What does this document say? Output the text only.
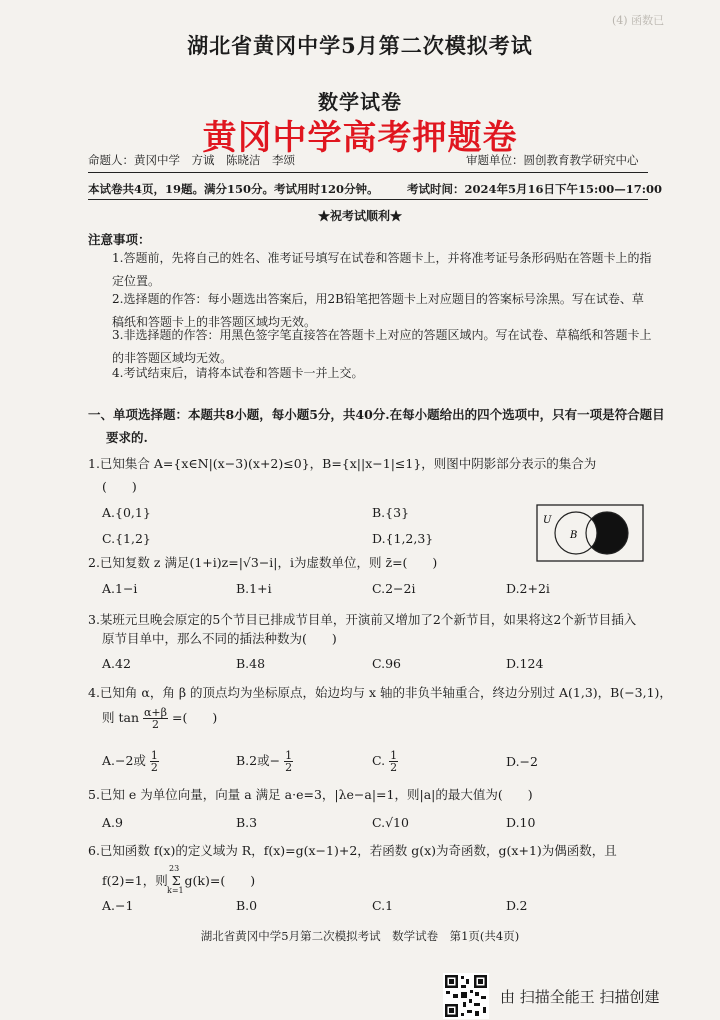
(4) 函数已
湖北省黄冈中学5月第二次模拟考试
数学试卷
黄冈中学高考押题卷
命题人：黄冈中学　方诚　陈晓洁　李颂	审题单位：圆创教育教学研究中心
本试卷共4页，19题。满分150分。考试用时120分钟。 考试时间：2024年5月16日下午15:00—17:00
★祝考试顺利★
注意事项：
1.答题前，先将自己的姓名、准考证号填写在试卷和答题卡上，并将准考证号条形码贴在答题卡上的指定位置。
2.选择题的作答：每小题选出答案后，用2B铅笔把答题卡上对应题目的答案标号涂黑。写在试卷、草稿纸和答题卡上的非答题区域均无效。
3.非选择题的作答：用黑色签字笔直接答在答题卡上对应的答题区域内。写在试卷、草稿纸和答题卡上的非答题区域均无效。
4.考试结束后，请将本试卷和答题卡一并上交。
一、单项选择题：本题共8小题，每小题5分，共40分.在每小题给出的四个选项中，只有一项是符合题目
要求的.
1.已知集合 A={x∈N|(x−3)(x+2)≤0}，B={x||x−1|≤1}，则图中阴影部分表示的集合为
(　　)
A.{0,1}	B.{3}
C.{1,2}	D.{1,2,3}
U
B
2.已知复数 z 满足(1+i)z=|√3−i|，i为虚数单位，则 z̄=(　　)
A.1−i	B.1+i	C.2−2i	D.2+2i
3.某班元旦晚会原定的5个节目已排成节目单，开演前又增加了2个新节目，如果将这2个新节目插入
原节目单中，那么不同的插法种数为(　　)
A.42	B.48	C.96	D.124
4.已知角 α，角 β 的顶点均为坐标原点，始边均与 x 轴的非负半轴重合，终边分别过 A(1,3)，B(−3,1)，
则 $\tan \frac{\alpha+\beta}{2}$ =(　　)
A.−2或 $\frac{1}{2}$	B.2或− $\frac{1}{2}$	C. $\frac{1}{2}$	D.−2
5.已知 e 为单位向量，向量 a 满足 a·e=3，|λe−a|=1，则|a|的最大值为(　　)
A.9	B.3	C.√10	D.10
6.已知函数 f(x)的定义域为 R，f(x)=g(x−1)+2，若函数 g(x)为奇函数，g(x+1)为偶函数，且
f(2)=1，则 Σ g(k)=(　　)
23
k=1
A.−1	B.0	C.1	D.2
湖北省黄冈中学5月第二次模拟考试　数学试卷　第1页(共4页)
由 扫描全能王 扫描创建
